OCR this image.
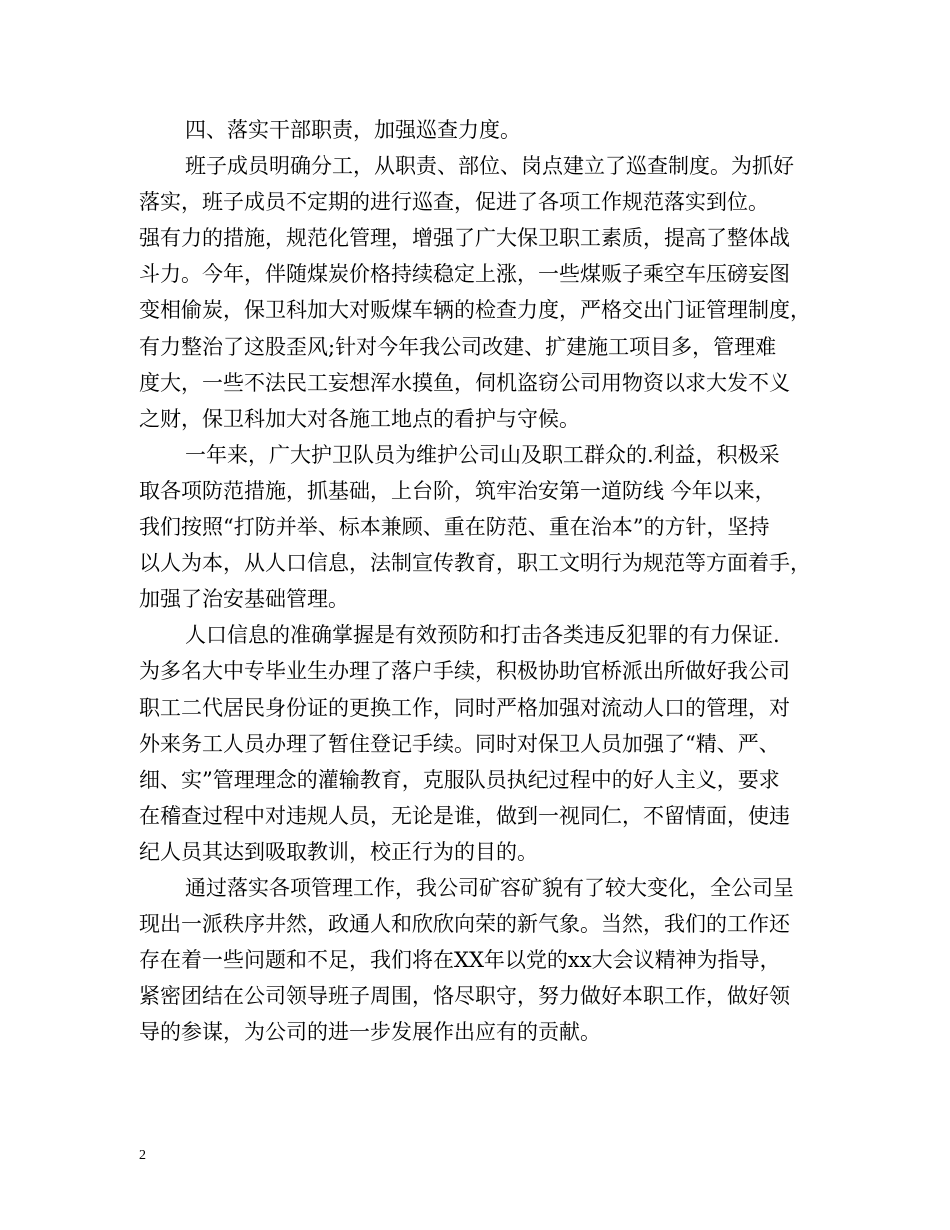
四、落实干部职责，加强巡查力度。
班子成员明确分工，从职责、部位、岗点建立了巡查制度。为抓好
落实，班子成员不定期的进行巡查，促进了各项工作规范落实到位。
强有力的措施，规范化管理，增强了广大保卫职工素质，提高了整体战
斗力。今年，伴随煤炭价格持续稳定上涨，一些煤贩子乘空车压磅妄图
变相偷炭，保卫科加大对贩煤车辆的检查力度，严格交出门证管理制度，
有力整治了这股歪风;针对今年我公司改建、扩建施工项目多，管理难
度大，一些不法民工妄想浑水摸鱼，伺机盗窃公司用物资以求大发不义
之财，保卫科加大对各施工地点的看护与守候。
一年来，广大护卫队员为维护公司山及职工群众的.利益，积极采
取各项防范措施，抓基础，上台阶，筑牢治安第一道防线 今年以来，
我们按照“打防并举、标本兼顾、重在防范、重在治本”的方针，坚持
以人为本，从人口信息，法制宣传教育，职工文明行为规范等方面着手，
加强了治安基础管理。
人口信息的准确掌握是有效预防和打击各类违反犯罪的有力保证.
为多名大中专毕业生办理了落户手续，积极协助官桥派出所做好我公司
职工二代居民身份证的更换工作，同时严格加强对流动人口的管理，对
外来务工人员办理了暂住登记手续。同时对保卫人员加强了“精、严、
细、实”管理理念的灌输教育，克服队员执纪过程中的好人主义，要求
在稽查过程中对违规人员，无论是谁，做到一视同仁，不留情面，使违
纪人员其达到吸取教训，校正行为的目的。
通过落实各项管理工作，我公司矿容矿貌有了较大变化，全公司呈
现出一派秩序井然，政通人和欣欣向荣的新气象。当然，我们的工作还
存在着一些问题和不足，我们将在XX年以党的xx大会议精神为指导，
紧密团结在公司领导班子周围，恪尽职守，努力做好本职工作，做好领
导的参谋，为公司的进一步发展作出应有的贡献。
2
